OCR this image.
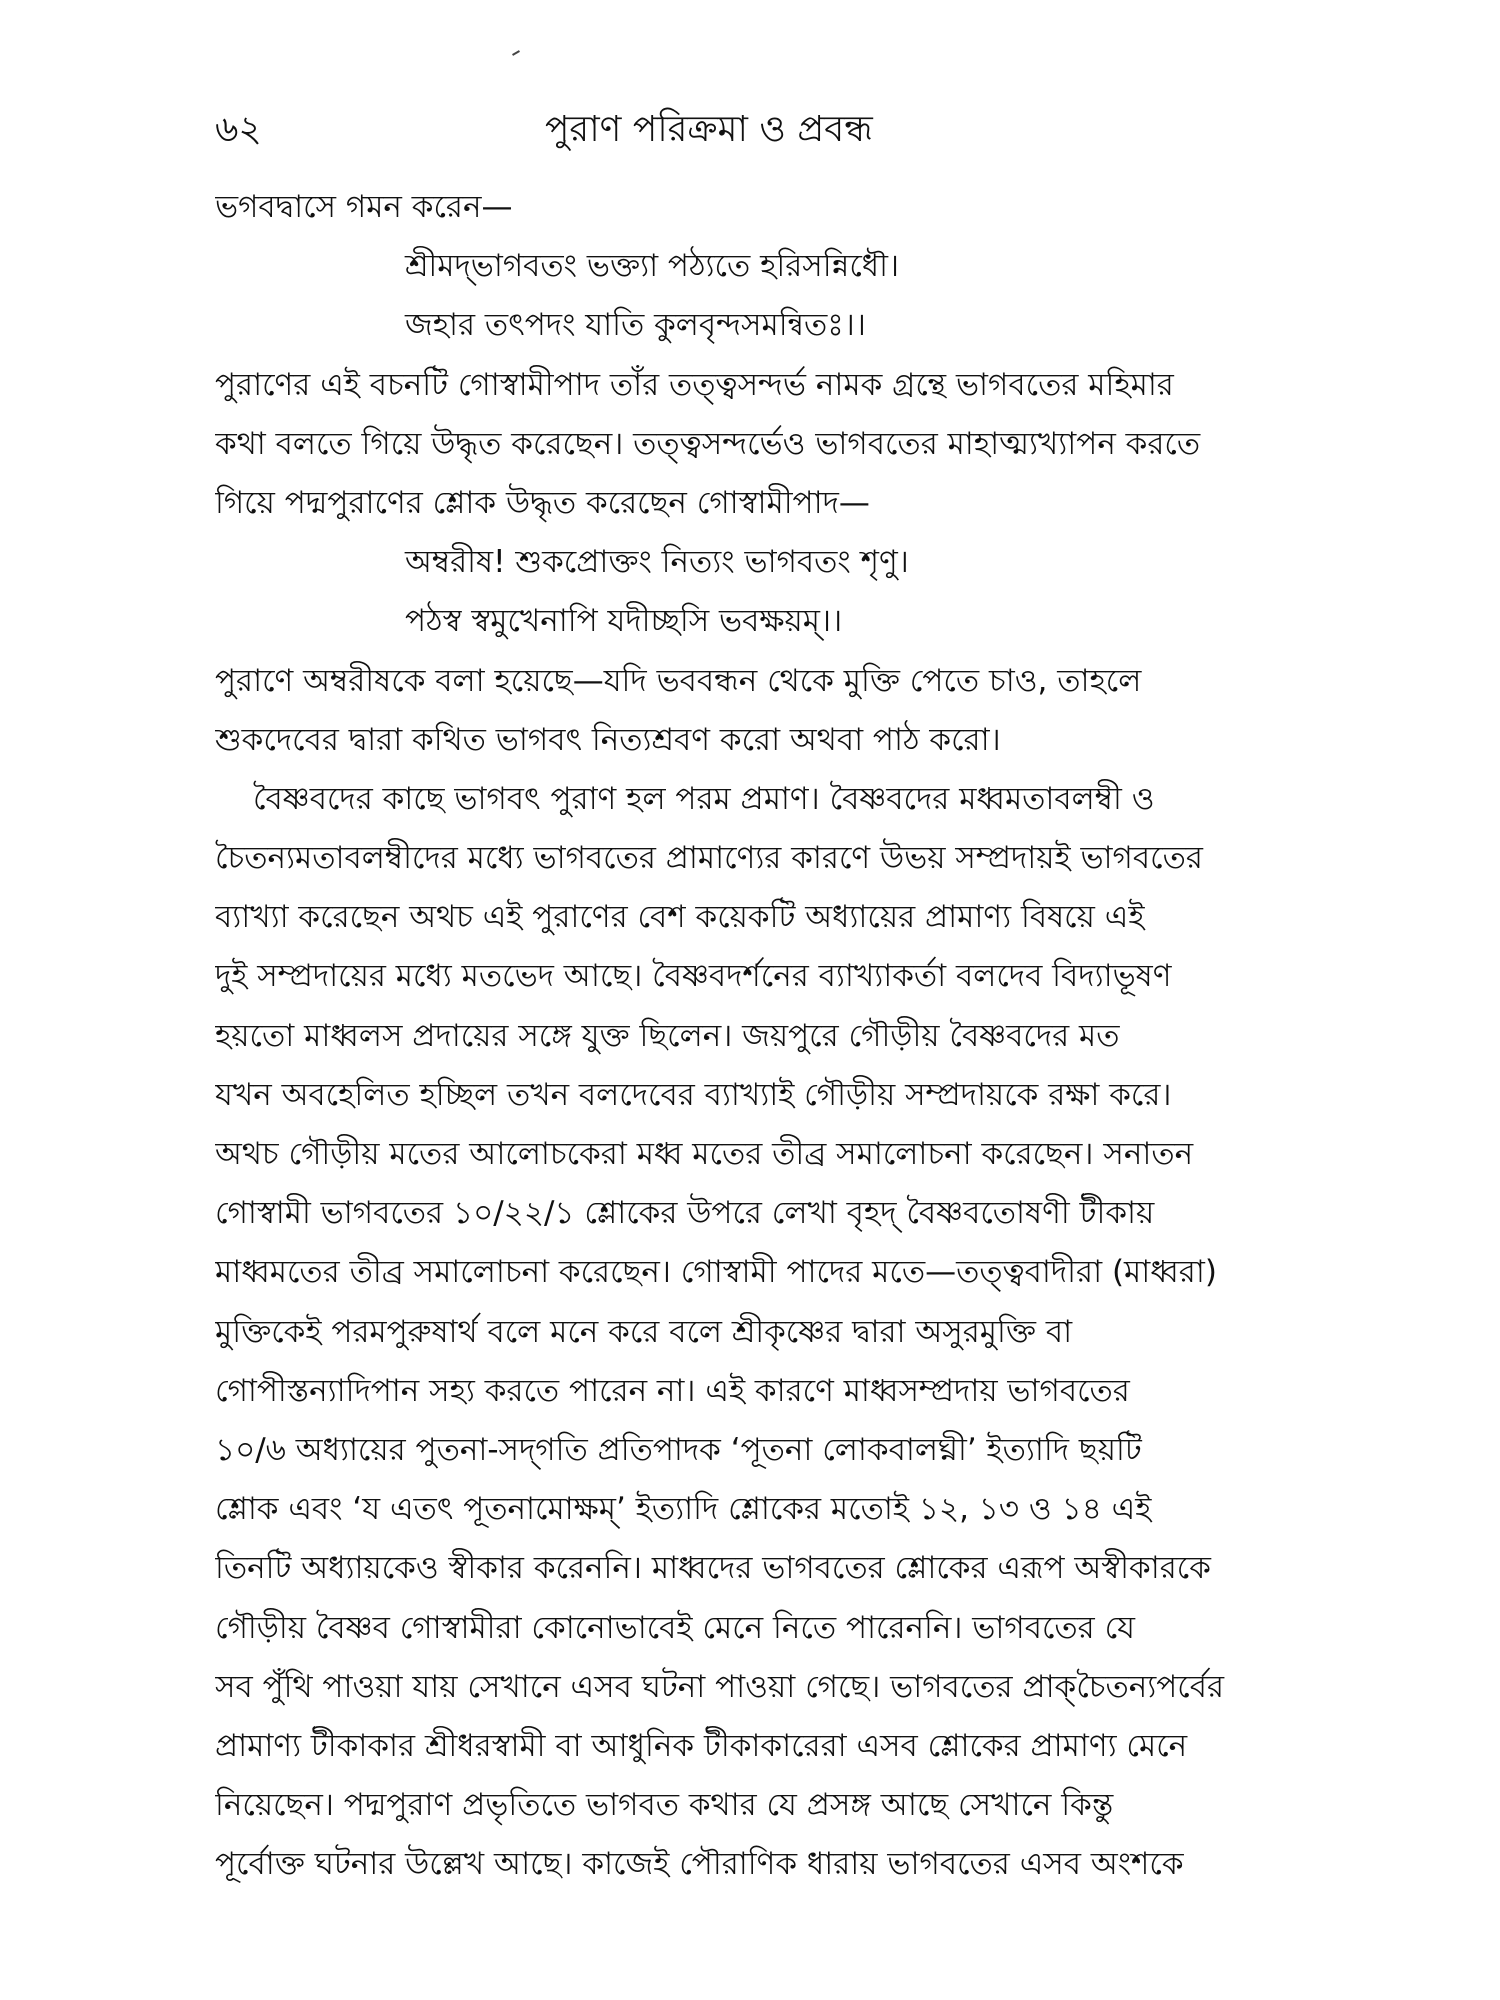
৬২	পুরাণ পরিক্রমা ও প্রবন্ধ
ভগবদ্বাসে গমন করেন—
শ্রীমদ্‌ভাগবতং ভক্ত্যা পঠ্যতে হরিসন্নিধৌ।
জহার তৎপদং যাতি কুলবৃন্দসমন্বিতঃ।।
পুরাণের এই বচনটি গোস্বামীপাদ তাঁর তত্ত্বসন্দর্ভ নামক গ্রন্থে ভাগবতের মহিমার
কথা বলতে গিয়ে উদ্ধৃত করেছেন। তত্ত্বসন্দর্ভেও ভাগবতের মাহাত্ম্যখ্যাপন করতে
গিয়ে পদ্মপুরাণের শ্লোক উদ্ধৃত করেছেন গোস্বামীপাদ—
অম্বরীষ! শুকপ্রোক্তং নিত্যং ভাগবতং শৃণু।
পঠস্ব স্বমুখেনাপি যদীচ্ছসি ভবক্ষয়ম্‌।।
পুরাণে অম্বরীষকে বলা হয়েছে—যদি ভববন্ধন থেকে মুক্তি পেতে চাও, তাহলে
শুকদেবের দ্বারা কথিত ভাগবৎ নিত্যশ্রবণ করো অথবা পাঠ করো।
বৈষ্ণবদের কাছে ভাগবৎ পুরাণ হল পরম প্রমাণ। বৈষ্ণবদের মধ্বমতাবলম্বী ও
চৈতন্যমতাবলম্বীদের মধ্যে ভাগবতের প্রামাণ্যের কারণে উভয় সম্প্রদায়ই ভাগবতের
ব্যাখ্যা করেছেন অথচ এই পুরাণের বেশ কয়েকটি অধ্যায়ের প্রামাণ্য বিষয়ে এই
দুই সম্প্রদায়ের মধ্যে মতভেদ আছে। বৈষ্ণবদর্শনের ব্যাখ্যাকর্তা বলদেব বিদ্যাভূষণ
হয়তো মাধ্বলস প্রদায়ের সঙ্গে যুক্ত ছিলেন। জয়পুরে গৌড়ীয় বৈষ্ণবদের মত
যখন অবহেলিত হচ্ছিল তখন বলদেবের ব্যাখ্যাই গৌড়ীয় সম্প্রদায়কে রক্ষা করে।
অথচ গৌড়ীয় মতের আলোচকেরা মধ্ব মতের তীব্র সমালোচনা করেছেন। সনাতন
গোস্বামী ভাগবতের ১০/২২/১ শ্লোকের উপরে লেখা বৃহদ্‌ বৈষ্ণবতোষণী টীকায়
মাধ্বমতের তীব্র সমালোচনা করেছেন। গোস্বামী পাদের মতে—তত্ত্ববাদীরা (মাধ্বরা)
মুক্তিকেই পরমপুরুষার্থ বলে মনে করে বলে শ্রীকৃষ্ণের দ্বারা অসুরমুক্তি বা
গোপীস্তন্যাদিপান সহ্য করতে পারেন না। এই কারণে মাধ্বসম্প্রদায় ভাগবতের
১০/৬ অধ্যায়ের পুতনা-সদ্‌গতি প্রতিপাদক ‘পূতনা লোকবালঘ্নী’ ইত্যাদি ছয়টি
শ্লোক এবং ‘য এতৎ পূতনামোক্ষম্‌’ ইত্যাদি শ্লোকের মতোই ১২, ১৩ ও ১৪ এই
তিনটি অধ্যায়কেও স্বীকার করেননি। মাধ্বদের ভাগবতের শ্লোকের এরূপ অস্বীকারকে
গৌড়ীয় বৈষ্ণব গোস্বামীরা কোনোভাবেই মেনে নিতে পারেননি। ভাগবতের যে
সব পুঁথি পাওয়া যায় সেখানে এসব ঘটনা পাওয়া গেছে। ভাগবতের প্রাক্‌চৈতন্যপর্বের
প্রামাণ্য টীকাকার শ্রীধরস্বামী বা আধুনিক টীকাকারেরা এসব শ্লোকের প্রামাণ্য মেনে
নিয়েছেন। পদ্মপুরাণ প্রভৃতিতে ভাগবত কথার যে প্রসঙ্গ আছে সেখানে কিন্তু
পূর্বোক্ত ঘটনার উল্লেখ আছে। কাজেই পৌরাণিক ধারায় ভাগবতের এসব অংশকে
